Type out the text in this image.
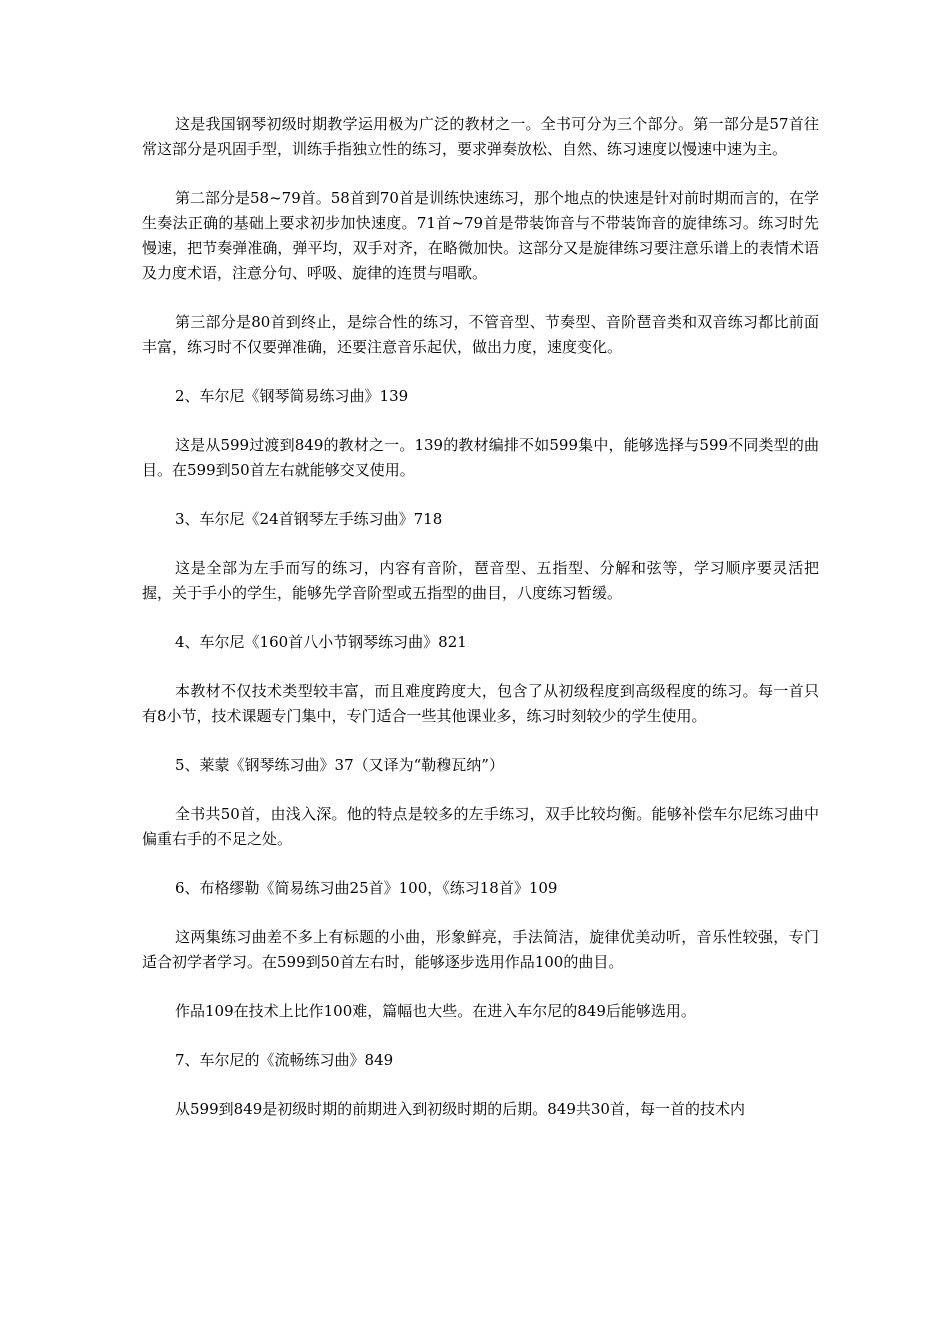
这是我国钢琴初级时期教学运用极为广泛的教材之一。全书可分为三个部分。第一部分是57首往常这部分是巩固手型，训练手指独立性的练习，要求弹奏放松、自然、练习速度以慢速中速为主。

第二部分是58~79首。58首到70首是训练快速练习，那个地点的快速是针对前时期而言的，在学生奏法正确的基础上要求初步加快速度。71首~79首是带装饰音与不带装饰音的旋律练习。练习时先慢速，把节奏弹准确，弹平均，双手对齐，在略微加快。这部分又是旋律练习要注意乐谱上的表情术语及力度术语，注意分句、呼吸、旋律的连贯与唱歌。

第三部分是80首到终止，是综合性的练习，不管音型、节奏型、音阶琶音类和双音练习都比前面丰富，练习时不仅要弹准确，还要注意音乐起伏，做出力度，速度变化。

2、车尔尼《钢琴简易练习曲》139

这是从599过渡到849的教材之一。139的教材编排不如599集中，能够选择与599不同类型的曲目。在599到50首左右就能够交叉使用。

3、车尔尼《24首钢琴左手练习曲》718

这是全部为左手而写的练习，内容有音阶，琶音型、五指型、分解和弦等，学习顺序要灵活把握，关于手小的学生，能够先学音阶型或五指型的曲目，八度练习暂缓。

4、车尔尼《160首八小节钢琴练习曲》821

本教材不仅技术类型较丰富，而且难度跨度大，包含了从初级程度到高级程度的练习。每一首只有8小节，技术课题专门集中，专门适合一些其他课业多，练习时刻较少的学生使用。

5、莱蒙《钢琴练习曲》37（又译为“勒穆瓦纳”）

全书共50首，由浅入深。他的特点是较多的左手练习，双手比较均衡。能够补偿车尔尼练习曲中偏重右手的不足之处。

6、布格缪勒《简易练习曲25首》100，《练习18首》109

这两集练习曲差不多上有标题的小曲，形象鲜亮，手法简洁，旋律优美动听，音乐性较强，专门适合初学者学习。在599到50首左右时，能够逐步选用作品100的曲目。

作品109在技术上比作100难，篇幅也大些。在进入车尔尼的849后能够选用。

7、车尔尼的《流畅练习曲》849

从599到849是初级时期的前期进入到初级时期的后期。849共30首，每一首的技术内
